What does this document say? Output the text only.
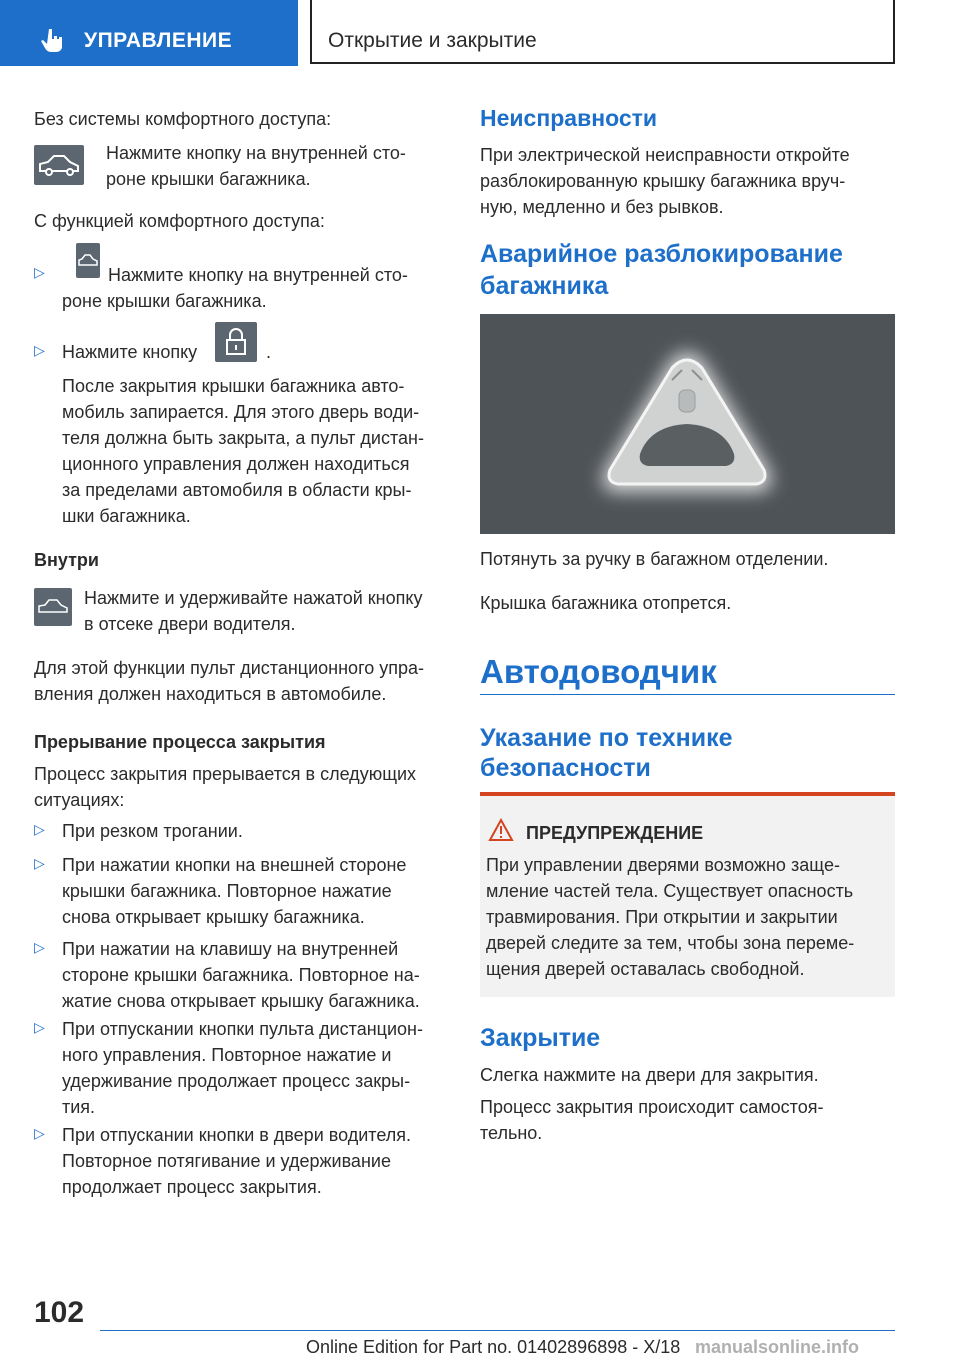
УПРАВЛЕНИЕ	Открытие и закрытие

Без системы комфортного доступа:

Нажмите кнопку на внутренней сто-

роне крышки багажника.

С функцией комфортного доступа:

▷	Нажмите кнопку на внутренней сто-

роне крышки багажника.

▷ Нажмите кнопку	.

После закрытия крышки багажника авто-

мобиль запирается. Для этого дверь води-

теля должна быть закрыта, а пульт дистан-

ционного управления должен находиться

за пределами автомобиля в области кры-

шки багажника.

Внутри

Нажмите и удерживайте нажатой кнопку

в отсеке двери водителя.

Для этой функции пульт дистанционного упра-

вления должен находиться в автомобиле.

Прерывание процесса закрытия

Процесс закрытия прерывается в следующих

ситуациях:

▷ При резком трогании.

▷ При нажатии кнопки на внешней стороне

крышки багажника. Повторное нажатие

снова открывает крышку багажника.

▷ При нажатии на клавишу на внутренней

стороне крышки багажника. Повторное на-

жатие снова открывает крышку багажника.

▷ При отпускании кнопки пульта дистанцион-

ного управления. Повторное нажатие и

удерживание продолжает процесс закры-

тия.

▷ При отпускании кнопки в двери водителя.

Повторное потягивание и удерживание

продолжает процесс закрытия.

Неисправности

При электрической неисправности откройте

разблокированную крышку багажника вруч-

ную, медленно и без рывков.

Аварийное разблокирование

багажника

Потянуть за ручку в багажном отделении.

Крышка багажника отопрется.

Автодоводчик

Указание по технике

безопасности

ПРЕДУПРЕЖДЕНИЕ

При управлении дверями возможно защe-

мление частей тела. Существует опасность

травмирования. При открытии и закрытии

дверей следите за тем, чтобы зона переме-

щения дверей оставалась свободной.

Закрытие

Слегка нажмите на двери для закрытия.

Процесс закрытия происходит самостоя-

тельно.

102

Online Edition for Part no. 01402896898 - X/18 manualsonline.info
